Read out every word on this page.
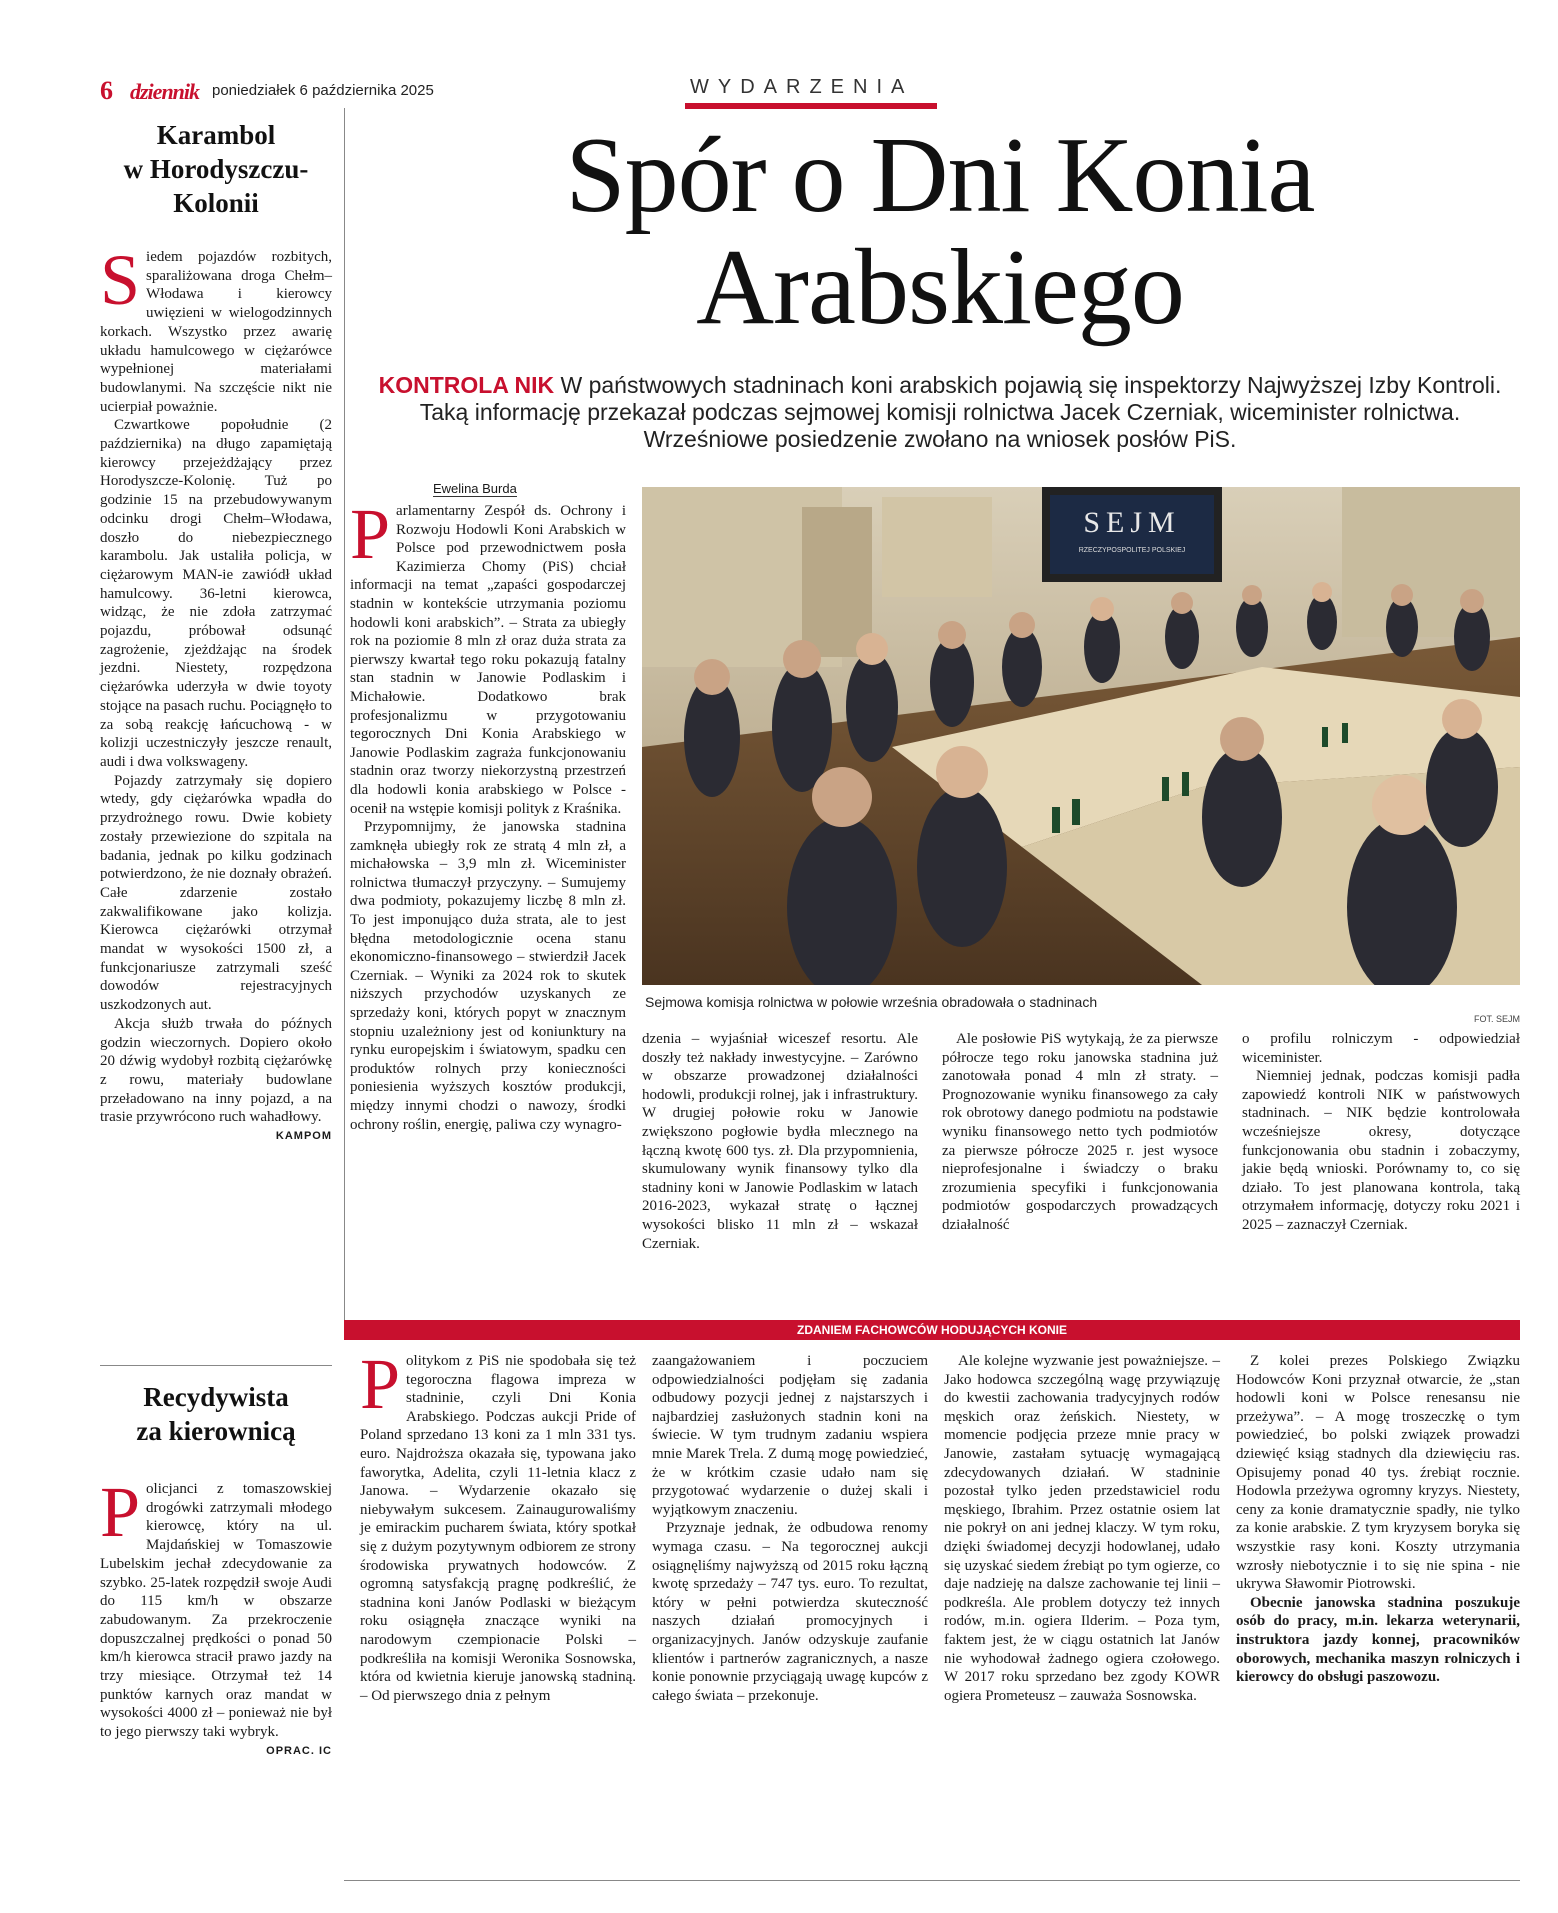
6 dziennik poniedziałek 6 października 2025	WYDARZENIA
Karambol
w Horodyszczu-
Kolonii

Siedem pojazdów rozbitych, sparaliżowana droga Chełm–Włodawa i kierowcy uwięzieni w wielogodzinnych korkach. Wszystko przez awarię układu hamulcowego w ciężarówce wypełnionej materiałami budowlanymi. Na szczęście nikt nie ucierpiał poważnie.

Czwartkowe popołudnie (2 października) na długo zapamiętają kierowcy przejeżdżający przez Horodyszcze-Kolonię. Tuż po godzinie 15 na przebudowywanym odcinku drogi Chełm–Włodawa, doszło do niebezpiecznego karambolu. Jak ustaliła policja, w ciężarowym MAN-ie zawiódł układ hamulcowy. 36-letni kierowca, widząc, że nie zdoła zatrzymać pojazdu, próbował odsunąć zagrożenie, zjeżdżając na środek jezdni. Niestety, rozpędzona ciężarówka uderzyła w dwie toyoty stojące na pasach ruchu. Pociągnęło to za sobą reakcję łańcuchową - w kolizji uczestniczyły jeszcze renault, audi i dwa volkswageny.

Pojazdy zatrzymały się dopiero wtedy, gdy ciężarówka wpadła do przydrożnego rowu. Dwie kobiety zostały przewiezione do szpitala na badania, jednak po kilku godzinach potwierdzono, że nie doznały obrażeń. Całe zdarzenie zostało zakwalifikowane jako kolizja. Kierowca ciężarówki otrzymał mandat w wysokości 1500 zł, a funkcjonariusze zatrzymali sześć dowodów rejestracyjnych uszkodzonych aut.

Akcja służb trwała do późnych godzin wieczornych. Dopiero około 20 dźwig wydobył rozbitą ciężarówkę z rowu, materiały budowlane przeładowano na inny pojazd, a na trasie przywrócono ruch wahadłowy.
KAMPOM

Recydywista
za kierownicą

Policjanci z tomaszowskiej drogówki zatrzymali młodego kierowcę, który na ul. Majdańskiej w Tomaszowie Lubelskim jechał zdecydowanie za szybko. 25-latek rozpędził swoje Audi do 115 km/h w obszarze zabudowanym. Za przekroczenie dopuszczalnej prędkości o ponad 50 km/h kierowca stracił prawo jazdy na trzy miesiące. Otrzymał też 14 punktów karnych oraz mandat w wysokości 4000 zł – ponieważ nie był to jego pierwszy taki wybryk.
OPRAC. IC

Spór o Dni Konia
Arabskiego
KONTROLA NIK W państwowych stadninach koni arabskich pojawią się inspektorzy Najwyższej Izby Kontroli. Taką informację przekazał podczas sejmowej komisji rolnictwa Jacek Czerniak, wiceminister rolnictwa. Wrześniowe posiedzenie zwołano na wniosek posłów PiS.
Ewelina Burda

Parlamentarny Zespół ds. Ochrony i Rozwoju Hodowli Koni Arabskich w Polsce pod przewodnictwem posła Kazimierza Chomy (PiS) chciał informacji na temat „zapaści gospodarczej stadnin w kontekście utrzymania poziomu hodowli koni arabskich”. – Strata za ubiegły rok na poziomie 8 mln zł oraz duża strata za pierwszy kwartał tego roku pokazują fatalny stan stadnin w Janowie Podlaskim i Michałowie. Dodatkowo brak profesjonalizmu w przygotowaniu tegorocznych Dni Konia Arabskiego w Janowie Podlaskim zagraża funkcjonowaniu stadnin oraz tworzy niekorzystną przestrzeń dla hodowli konia arabskiego w Polsce - ocenił na wstępie komisji polityk z Kraśnika.

Przypomnijmy, że janowska stadnina zamknęła ubiegły rok ze stratą 4 mln zł, a michałowska – 3,9 mln zł. Wiceminister rolnictwa tłumaczył przyczyny. – Sumujemy dwa podmioty, pokazujemy liczbę 8 mln zł. To jest imponująco duża strata, ale to jest błędna metodologicznie ocena stanu ekonomiczno-finansowego – stwierdził Jacek Czerniak. – Wyniki za 2024 rok to skutek niższych przychodów uzyskanych ze sprzedaży koni, których popyt w znacznym stopniu uzależniony jest od koniunktury na rynku europejskim i światowym, spadku cen produktów rolnych przy konieczności poniesienia wyższych kosztów produkcji, między innymi chodzi o nawozy, środki ochrony roślin, energię, paliwa czy wynagro-

SEJM
RZECZYPOSPOLITEJ POLSKIEJ
Sejmowa komisja rolnictwa w połowie września obradowała o stadninach
FOT. SEJM

dzenia – wyjaśniał wiceszef resortu. Ale doszły też nakłady inwestycyjne. – Zarówno w obszarze prowadzonej działalności hodowli, produkcji rolnej, jak i infrastruktury. W drugiej połowie roku w Janowie zwiększono pogłowie bydła mlecznego na łączną kwotę 600 tys. zł. Dla przypomnienia, skumulowany wynik finansowy tylko dla stadniny koni w Janowie Podlaskim w latach 2016-2023, wykazał stratę o łącznej wysokości blisko 11 mln zł – wskazał Czerniak.

Ale posłowie PiS wytykają, że za pierwsze półrocze tego roku janowska stadnina już zanotowała ponad 4 mln zł straty. – Prognozowanie wyniku finansowego za cały rok obrotowy danego podmiotu na podstawie wyniku finansowego netto tych podmiotów za pierwsze półrocze 2025 r. jest wysoce nieprofesjonalne i świadczy o braku zrozumienia specyfiki i funkcjonowania podmiotów gospodarczych prowadzących działalność

o profilu rolniczym - odpowiedział wiceminister.

Niemniej jednak, podczas komisji padła zapowiedź kontroli NIK w państwowych stadninach. – NIK będzie kontrolowała wcześniejsze okresy, dotyczące funkcjonowania obu stadnin i zobaczymy, jakie będą wnioski. Porównamy to, co się działo. To jest planowana kontrola, taką otrzymałem informację, dotyczy roku 2021 i 2025 – zaznaczył Czerniak.

ZDANIEM FACHOWCÓW HODUJĄCYCH KONIE

Politykom z PiS nie spodobała się też tegoroczna flagowa impreza w stadninie, czyli Dni Konia Arabskiego. Podczas aukcji Pride of Poland sprzedano 13 koni za 1 mln 331 tys. euro. Najdroższa okazała się, typowana jako faworytka, Adelita, czyli 11-letnia klacz z Janowa. – Wydarzenie okazało się niebywałym sukcesem. Zainaugurowaliśmy je emirackim pucharem świata, który spotkał się z dużym pozytywnym odbiorem ze strony środowiska prywatnych hodowców. Z ogromną satysfakcją pragnę podkreślić, że stadnina koni Janów Podlaski w bieżącym roku osiągnęła znaczące wyniki na narodowym czempionacie Polski – podkreśliła na komisji Weronika Sosnowska, która od kwietnia kieruje janowską stadniną. – Od pierwszego dnia z pełnym

zaangażowaniem i poczuciem odpowiedzialności podjęłam się zadania odbudowy pozycji jednej z najstarszych i najbardziej zasłużonych stadnin koni na świecie. W tym trudnym zadaniu wspiera mnie Marek Trela. Z dumą mogę powiedzieć, że w krótkim czasie udało nam się przygotować wydarzenie o dużej skali i wyjątkowym znaczeniu.

Przyznaje jednak, że odbudowa renomy wymaga czasu. – Na tegorocznej aukcji osiągnęliśmy najwyższą od 2015 roku łączną kwotę sprzedaży – 747 tys. euro. To rezultat, który w pełni potwierdza skuteczność naszych działań promocyjnych i organizacyjnych. Janów odzyskuje zaufanie klientów i partnerów zagranicznych, a nasze konie ponownie przyciągają uwagę kupców z całego świata – przekonuje.

Ale kolejne wyzwanie jest poważniejsze. – Jako hodowca szczególną wagę przywiązuję do kwestii zachowania tradycyjnych rodów męskich oraz żeńskich. Niestety, w momencie podjęcia przeze mnie pracy w Janowie, zastałam sytuację wymagającą zdecydowanych działań. W stadninie pozostał tylko jeden przedstawiciel rodu męskiego, Ibrahim. Przez ostatnie osiem lat nie pokrył on ani jednej klaczy. W tym roku, dzięki świadomej decyzji hodowlanej, udało się uzyskać siedem źrebiąt po tym ogierze, co daje nadzieję na dalsze zachowanie tej linii – podkreśla. Ale problem dotyczy też innych rodów, m.in. ogiera Ilderim. – Poza tym, faktem jest, że w ciągu ostatnich lat Janów nie wyhodował żadnego ogiera czołowego. W 2017 roku sprzedano bez zgody KOWR ogiera Prometeusz – zauważa Sosnowska.

Z kolei prezes Polskiego Związku Hodowców Koni przyznał otwarcie, że „stan hodowli koni w Polsce renesansu nie przeżywa”. – A mogę troszeczkę o tym powiedzieć, bo polski związek prowadzi dziewięć ksiąg stadnych dla dziewięciu ras. Opisujemy ponad 40 tys. źrebiąt rocznie. Hodowla przeżywa ogromny kryzys. Niestety, ceny za konie dramatycznie spadły, nie tylko za konie arabskie. Z tym kryzysem boryka się wszystkie rasy koni. Koszty utrzymania wzrosły niebotycznie i to się nie spina - nie ukrywa Sławomir Piotrowski.

Obecnie janowska stadnina poszukuje osób do pracy, m.in. lekarza weterynarii, instruktora jazdy konnej, pracowników oborowych, mechanika maszyn rolniczych i kierowcy do obsługi paszowozu.
